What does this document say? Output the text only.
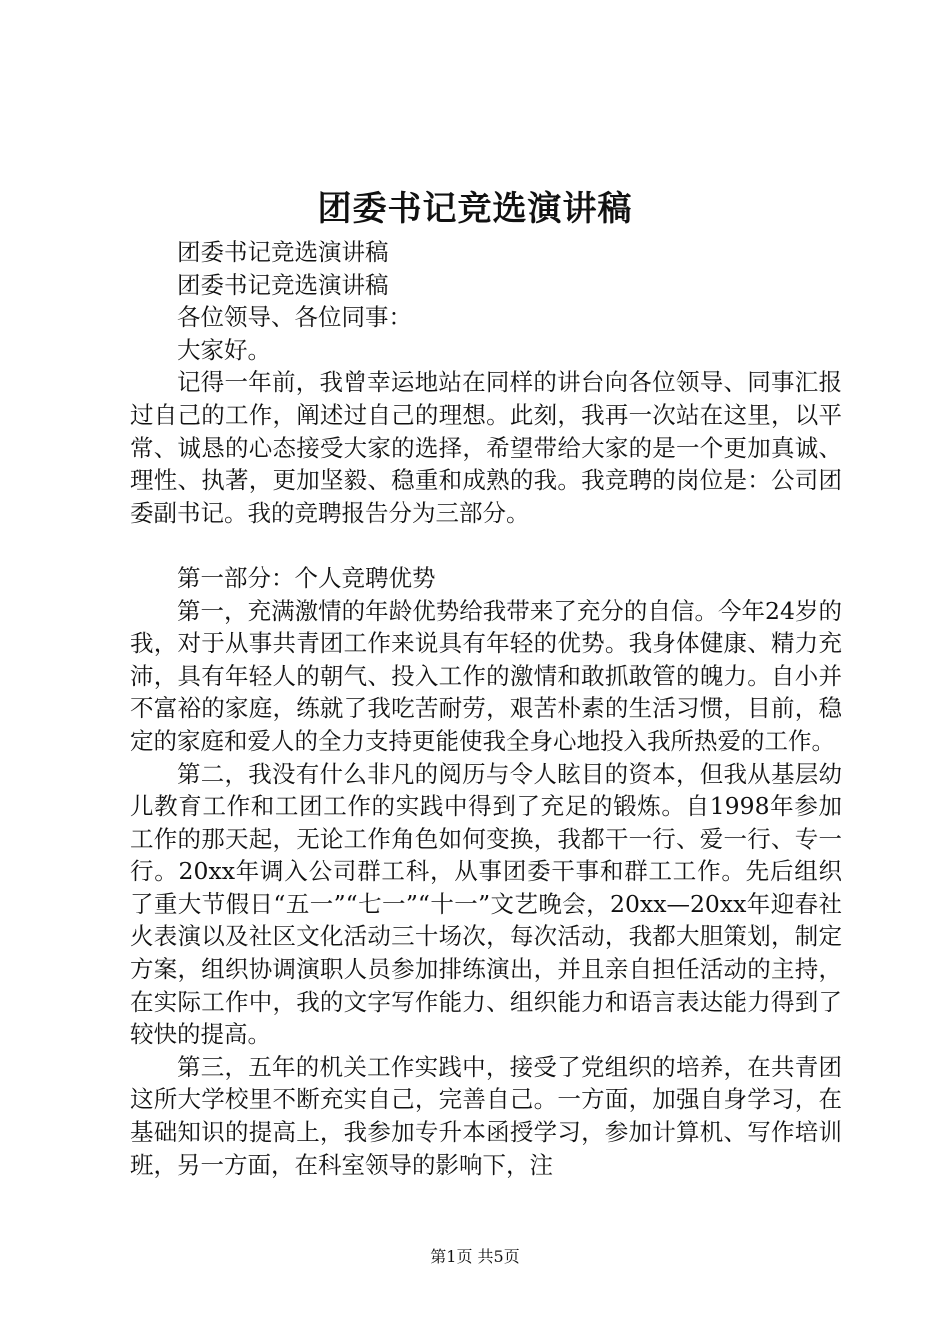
团委书记竞选演讲稿

团委书记竞选演讲稿

团委书记竞选演讲稿

各位领导、各位同事：

大家好。

记得一年前，我曾幸运地站在同样的讲台向各位领导、同事汇报过自己的工作，阐述过自己的理想。此刻，我再一次站在这里，以平常、诚恳的心态接受大家的选择，希望带给大家的是一个更加真诚、理性、执著，更加坚毅、稳重和成熟的我。我竞聘的岗位是：公司团委副书记。我的竞聘报告分为三部分。

第一部分：个人竞聘优势

第一，充满激情的年龄优势给我带来了充分的自信。今年24岁的我，对于从事共青团工作来说具有年轻的优势。我身体健康、精力充沛，具有年轻人的朝气、投入工作的激情和敢抓敢管的魄力。自小并不富裕的家庭，练就了我吃苦耐劳，艰苦朴素的生活习惯，目前，稳定的家庭和爱人的全力支持更能使我全身心地投入我所热爱的工作。

第二，我没有什么非凡的阅历与令人眩目的资本，但我从基层幼儿教育工作和工团工作的实践中得到了充足的锻炼。自1998年参加工作的那天起，无论工作角色如何变换，我都干一行、爱一行、专一行。20xx年调入公司群工科，从事团委干事和群工工作。先后组织了重大节假日“五一”“七一”“十一”文艺晚会，20xx—20xx年迎春社火表演以及社区文化活动三十场次，每次活动，我都大胆策划，制定方案，组织协调演职人员参加排练演出，并且亲自担任活动的主持，在实际工作中，我的文字写作能力、组织能力和语言表达能力得到了较快的提高。

第三，五年的机关工作实践中，接受了党组织的培养，在共青团这所大学校里不断充实自己，完善自己。一方面，加强自身学习，在基础知识的提高上，我参加专升本函授学习，参加计算机、写作培训班，另一方面，在科室领导的影响下，注

第1页 共5页
